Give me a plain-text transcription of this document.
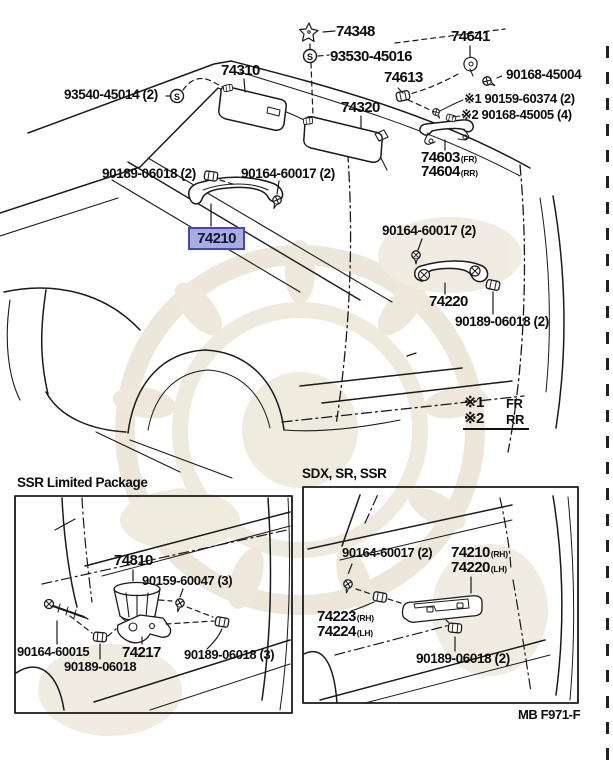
S
S
74348
93530-45016
74641
74310
93540-45014 (2)
74613	90168-45004
※1 90159-60374 (2)
※2 90168-45005 (4)
74320
74603(FR)
74604(RR)
90189-06018 (2)	90164-60017 (2)
74210	90164-60017 (2)
74220
90189-06018 (2)
※1 FR
※2 RR
SSR Limited Package
74810
90159-60047 (3)
90164-60015 74217
90189-06018
90189-06018 (3)
SDX, SR, SSR
90164-60017 (2) 74210(RH)
74220(LH)
74223(RH)
74224(LH)
90189-06018 (2)
MB F971-F
